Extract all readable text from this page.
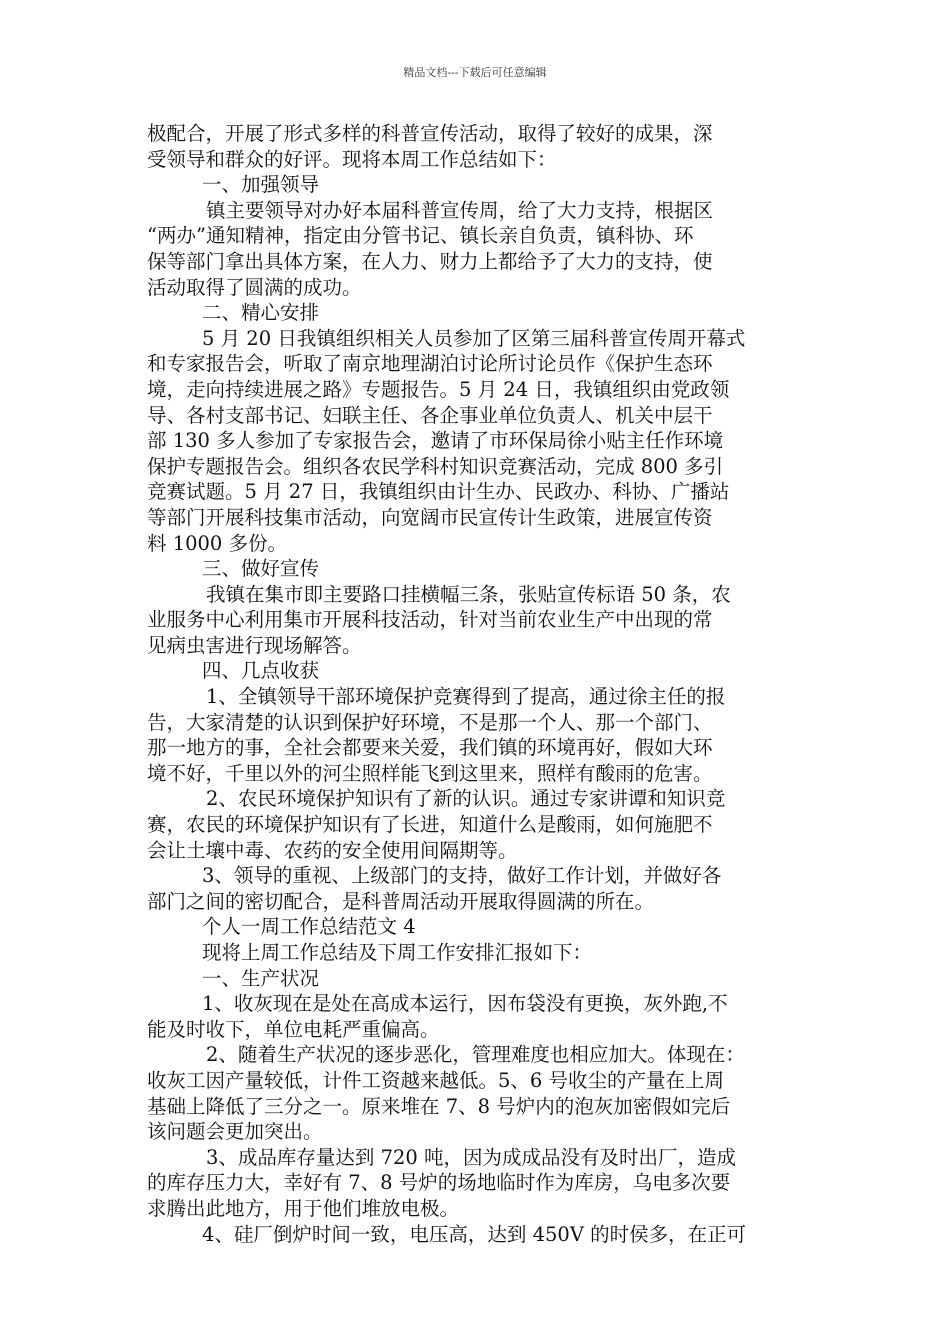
精品文档---下载后可任意编辑

极配合，开展了形式多样的科普宣传活动，取得了较好的成果，深

受领导和群众的好评。现将本周工作总结如下：

一、加强领导

镇主要领导对办好本届科普宣传周，给了大力支持，根据区

“两办”通知精神，指定由分管书记、镇长亲自负责，镇科协、环

保等部门拿出具体方案，在人力、财力上都给予了大力的支持，使

活动取得了圆满的成功。

二、精心安排

5 月 20 日我镇组织相关人员参加了区第三届科普宣传周开幕式

和专家报告会，听取了南京地理湖泊讨论所讨论员作《保护生态环

境，走向持续进展之路》专题报告。5 月 24 日，我镇组织由党政领

导、各村支部书记、妇联主任、各企事业单位负责人、机关中层干

部 130 多人参加了专家报告会，邀请了市环保局徐小贴主任作环境

保护专题报告会。组织各农民学科村知识竞赛活动，完成 800 多引

竞赛试题。5 月 27 日，我镇组织由计生办、民政办、科协、广播站

等部门开展科技集市活动，向宽阔市民宣传计生政策，进展宣传资

料 1000 多份。

三、做好宣传

我镇在集市即主要路口挂横幅三条，张贴宣传标语 50 条，农

业服务中心利用集市开展科技活动，针对当前农业生产中出现的常

见病虫害进行现场解答。

四、几点收获

1、全镇领导干部环境保护竞赛得到了提高，通过徐主任的报

告，大家清楚的认识到保护好环境，不是那一个人、那一个部门、

那一地方的事，全社会都要来关爱，我们镇的环境再好，假如大环

境不好，千里以外的河尘照样能飞到这里来，照样有酸雨的危害。

2、农民环境保护知识有了新的认识。通过专家讲谭和知识竞

赛，农民的环境保护知识有了长进，知道什么是酸雨，如何施肥不

会让土壤中毒、农药的安全使用间隔期等。

3、领导的重视、上级部门的支持，做好工作计划，并做好各

部门之间的密切配合，是科普周活动开展取得圆满的所在。

个人一周工作总结范文 4

现将上周工作总结及下周工作安排汇报如下：

一、生产状况

1、收灰现在是处在高成本运行，因布袋没有更换，灰外跑,不

能及时收下，单位电耗严重偏高。

2、随着生产状况的逐步恶化，管理难度也相应加大。体现在：

收灰工因产量较低，计件工资越来越低。5、6 号收尘的产量在上周

基础上降低了三分之一。原来堆在 7、8 号炉内的泡灰加密假如完后

该问题会更加突出。

3、成品库存量达到 720 吨，因为成成品没有及时出厂，造成

的库存压力大，幸好有 7、8 号炉的场地临时作为库房，乌电多次要

求腾出此地方，用于他们堆放电极。

4、硅厂倒炉时间一致，电压高，达到 450V 的时侯多，在正可
